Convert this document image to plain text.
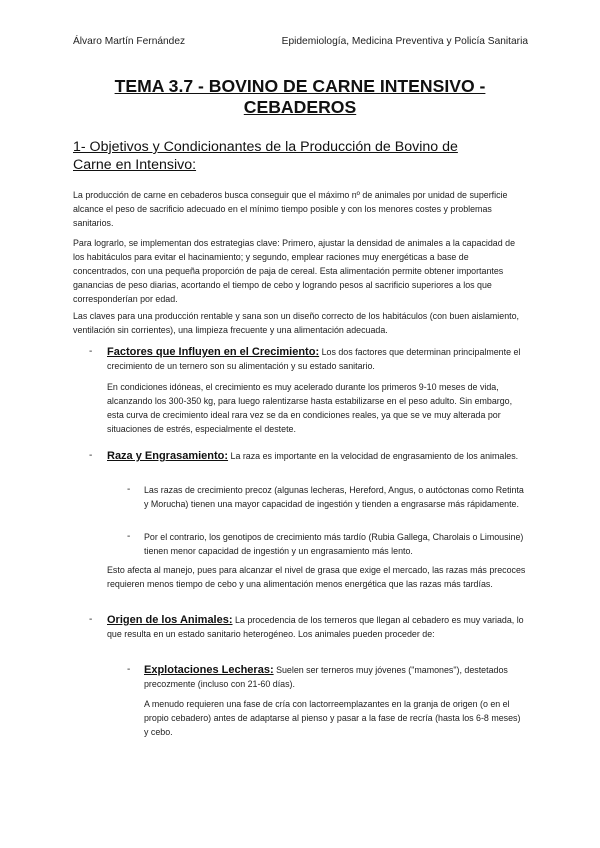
Álvaro Martín Fernández	Epidemiología, Medicina Preventiva y Policía Sanitaria
TEMA 3.7 - BOVINO DE CARNE INTENSIVO -
CEBADEROS
1- Objetivos y Condicionantes de la Producción de Bovino de
Carne en Intensivo:

La producción de carne en cebaderos busca conseguir que el máximo nº de animales por unidad de superficie alcance el peso de sacrificio adecuado en el mínimo tiempo posible y con los menores costes y problemas sanitarios.

Para lograrlo, se implementan dos estrategias clave: Primero, ajustar la densidad de animales a la capacidad de los habitáculos para evitar el hacinamiento; y segundo, emplear raciones muy energéticas a base de concentrados, con una pequeña proporción de paja de cereal. Esta alimentación permite obtener importantes ganancias de peso diarias, acortando el tiempo de cebo y logrando pesos al sacrificio superiores a los que corresponderían por edad.

Las claves para una producción rentable y sana son un diseño correcto de los habitáculos (con buen aislamiento, ventilación sin corrientes), una limpieza frecuente y una alimentación adecuada.

- Factores que Influyen en el Crecimiento: Los dos factores que determinan principalmente el crecimiento de un ternero son su alimentación y su estado sanitario.

En condiciones idóneas, el crecimiento es muy acelerado durante los primeros 9-10 meses de vida, alcanzando los 300-350 kg, para luego ralentizarse hasta estabilizarse en el peso adulto. Sin embargo, esta curva de crecimiento ideal rara vez se da en condiciones reales, ya que se ve muy alterada por situaciones de estrés, especialmente el destete.

- Raza y Engrasamiento: La raza es importante en la velocidad de engrasamiento de los animales.

- Las razas de crecimiento precoz (algunas lecheras, Hereford, Angus, o autóctonas como Retinta y Morucha) tienen una mayor capacidad de ingestión y tienden a engrasarse más rápidamente.

- Por el contrario, los genotipos de crecimiento más tardío (Rubia Gallega, Charolais o Limousine) tienen menor capacidad de ingestión y un engrasamiento más lento.

Esto afecta al manejo, pues para alcanzar el nivel de grasa que exige el mercado, las razas más precoces requieren menos tiempo de cebo y una alimentación menos energética que las razas más tardías.

- Origen de los Animales: La procedencia de los terneros que llegan al cebadero es muy variada, lo que resulta en un estado sanitario heterogéneo. Los animales pueden proceder de:

- Explotaciones Lecheras: Suelen ser terneros muy jóvenes ("mamones"), destetados precozmente (incluso con 21-60 días).

A menudo requieren una fase de cría con lactorreemplazantes en la granja de origen (o en el propio cebadero) antes de adaptarse al pienso y pasar a la fase de recría (hasta los 6-8 meses) y cebo.
